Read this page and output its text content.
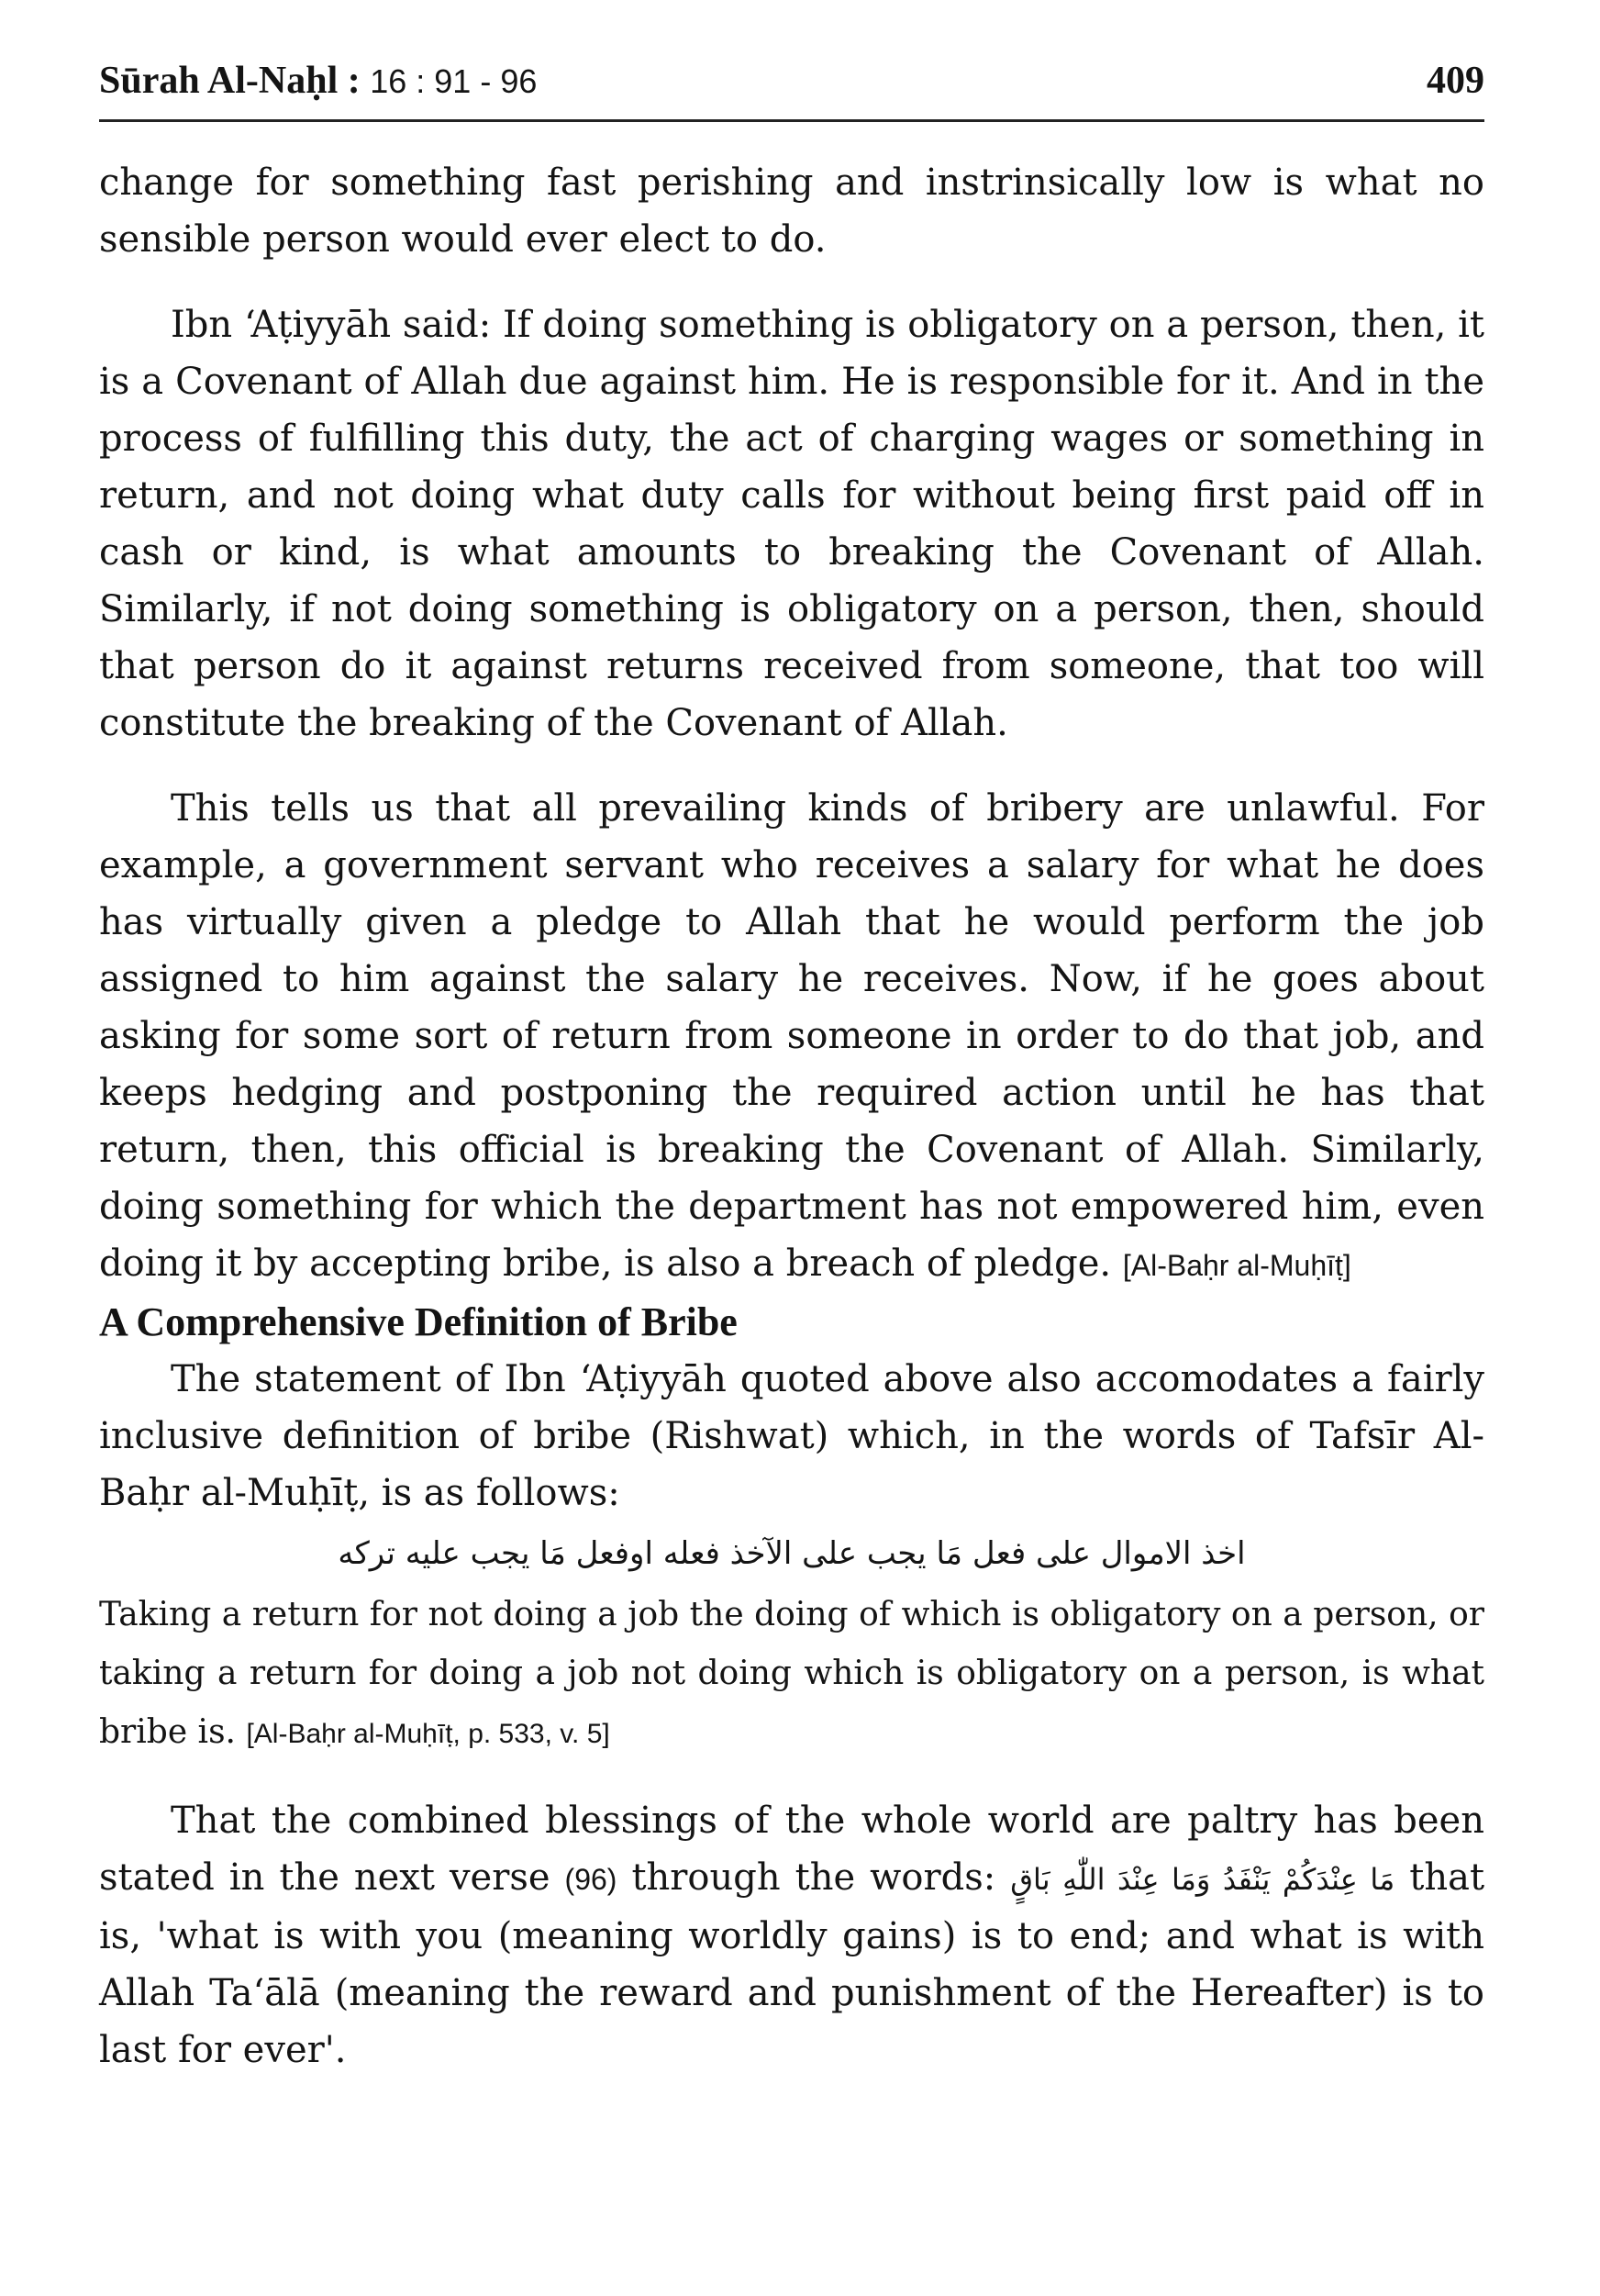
Sūrah Al-Naḥl : 16 : 91 - 96	409

change for something fast perishing and instrinsically low is what no sensible person would ever elect to do.

Ibn ‘Aṭiyyāh said: If doing something is obligatory on a person, then, it is a Covenant of Allah due against him. He is responsible for it. And in the process of fulfilling this duty, the act of charging wages or something in return, and not doing what duty calls for without being first paid off in cash or kind, is what amounts to breaking the Covenant of Allah. Similarly, if not doing something is obligatory on a person, then, should that person do it against returns received from someone, that too will constitute the breaking of the Covenant of Allah.

This tells us that all prevailing kinds of bribery are unlawful. For example, a government servant who receives a salary for what he does has virtually given a pledge to Allah that he would perform the job assigned to him against the salary he receives. Now, if he goes about asking for some sort of return from someone in order to do that job, and keeps hedging and postponing the required action until he has that return, then, this official is breaking the Covenant of Allah. Similarly, doing something for which the department has not empowered him, even doing it by accepting bribe, is also a breach of pledge. [Al-Baḥr al-Muḥīṭ]

A Comprehensive Definition of Bribe

The statement of Ibn ‘Aṭiyyāh quoted above also accomodates a fairly inclusive definition of bribe (Rishwat) which, in the words of Tafsīr Al-Baḥr al-Muḥīṭ, is as follows:

اخذ الاموال على فعل مَا يجب على الآخذ فعله اوفعل مَا يجب عليه تركه

Taking a return for not doing a job the doing of which is obligatory on a person, or taking a return for doing a job not doing which is obligatory on a person, is what bribe is. [Al-Baḥr al-Muḥīṭ, p. 533, v. 5]

That the combined blessings of the whole world are paltry has been stated in the next verse (96) through the words: مَا عِنْدَكُمْ يَنْفَدُ وَمَا عِنْدَ اللّٰهِ بَاقٍ that is, 'what is with you (meaning worldly gains) is to end; and what is with Allah Ta‘ālā (meaning the reward and punishment of the Hereafter) is to last for ever'.
